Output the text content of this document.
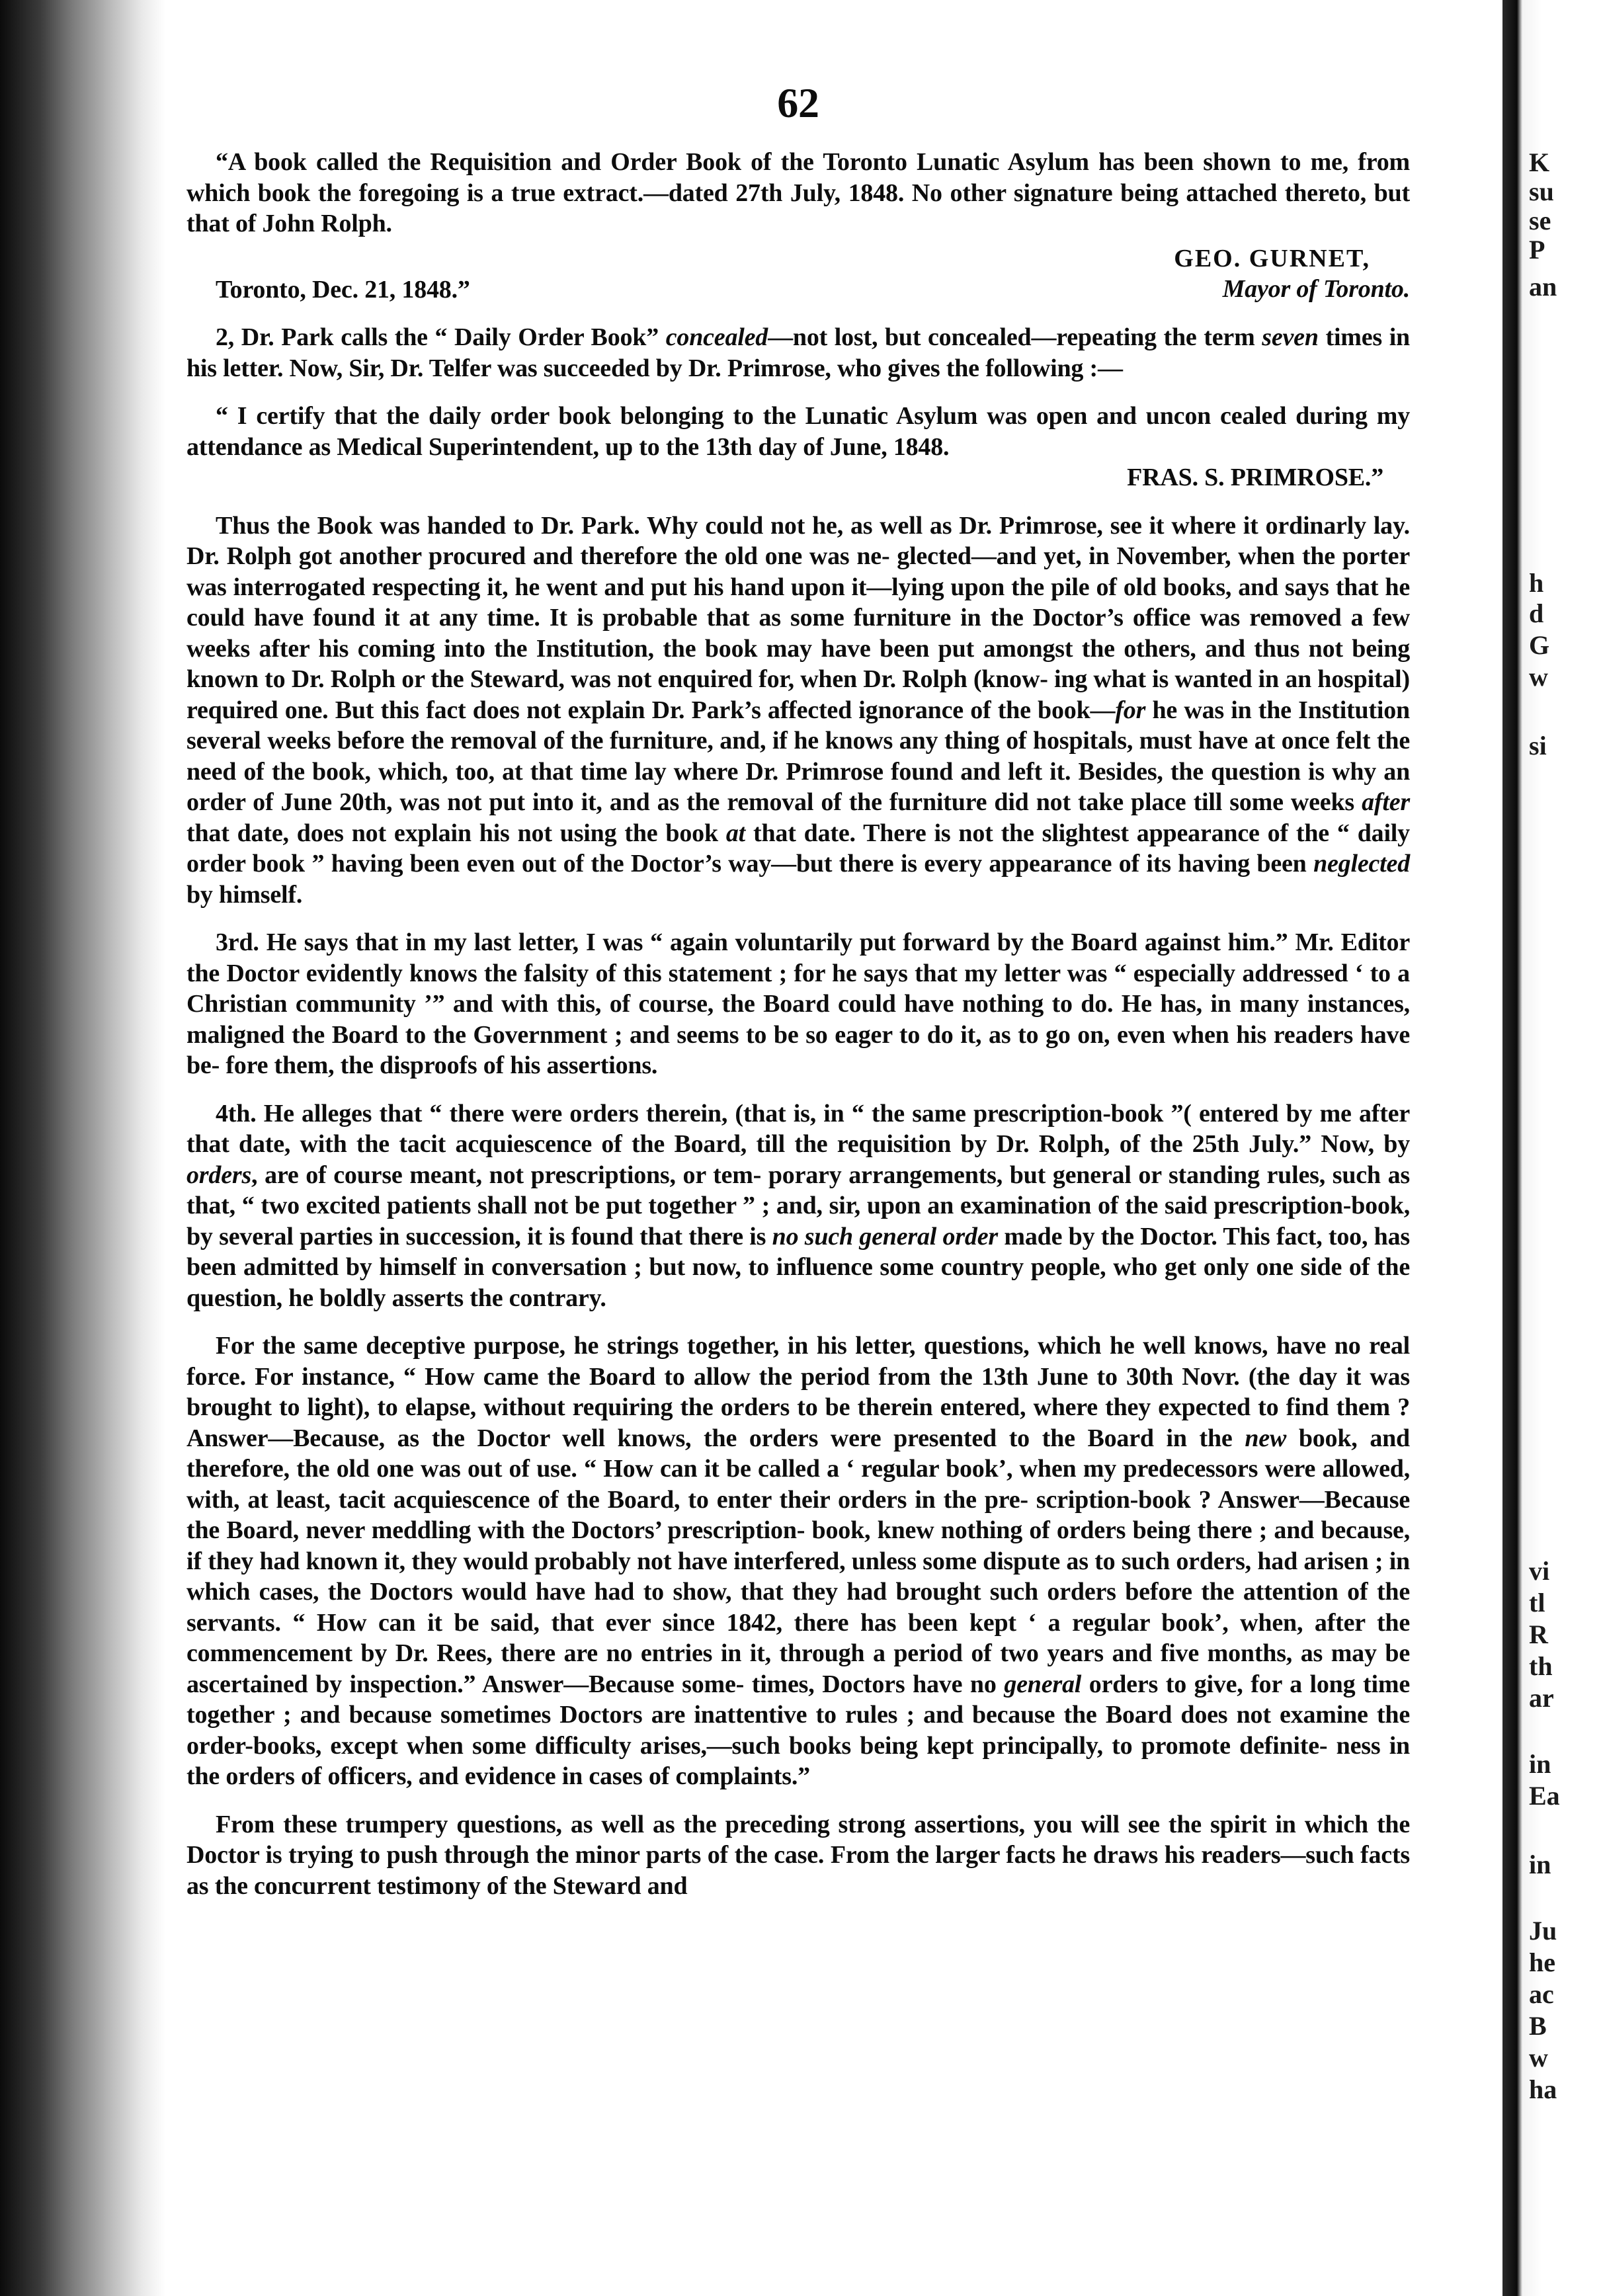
K
su
se
P
an
h
d
G
w
si
vi
tl
R
th
ar
in
Ea
in
Ju
he
ac
B
w
ha
62

“A book called the Requisition and Order Book of the Toronto Lunatic Asylum has been shown to me, from which book the foregoing is a true extract.—dated 27th July, 1848. No other signature being attached thereto, but that of John Rolph.

GEO. GURNET,

Mayor of Toronto.

Toronto, Dec. 21, 1848.”

2, Dr. Park calls the “ Daily Order Book” concealed—not lost, but concealed—repeating the term seven times in his letter. Now, Sir, Dr. Telfer was succeeded by Dr. Primrose, who gives the following :—

“ I certify that the daily order book belonging to the Lunatic Asylum was open and uncon cealed during my attendance as Medical Superintendent, up to the 13th day of June, 1848.

FRAS. S. PRIMROSE.”

Thus the Book was handed to Dr. Park. Why could not he, as well as Dr. Primrose, see it where it ordinarly lay. Dr. Rolph got another procured and therefore the old one was ne- glected—and yet, in November, when the porter was interrogated respecting it, he went and put his hand upon it—lying upon the pile of old books, and says that he could have found it at any time. It is probable that as some furniture in the Doctor’s office was removed a few weeks after his coming into the Institution, the book may have been put amongst the others, and thus not being known to Dr. Rolph or the Steward, was not enquired for, when Dr. Rolph (know- ing what is wanted in an hospital) required one. But this fact does not explain Dr. Park’s affected ignorance of the book—for he was in the Institution several weeks before the removal of the furniture, and, if he knows any thing of hospitals, must have at once felt the need of the book, which, too, at that time lay where Dr. Primrose found and left it. Besides, the question is why an order of June 20th, was not put into it, and as the removal of the furniture did not take place till some weeks after that date, does not explain his not using the book at that date. There is not the slightest appearance of the “ daily order book ” having been even out of the Doctor’s way—but there is every appearance of its having been neglected by himself.

3rd. He says that in my last letter, I was “ again voluntarily put forward by the Board against him.” Mr. Editor the Doctor evidently knows the falsity of this statement ; for he says that my letter was “ especially addressed ‘ to a Christian community ’” and with this, of course, the Board could have nothing to do. He has, in many instances, maligned the Board to the Government ; and seems to be so eager to do it, as to go on, even when his readers have be- fore them, the disproofs of his assertions.

4th. He alleges that “ there were orders therein, (that is, in “ the same prescription-book ”( entered by me after that date, with the tacit acquiescence of the Board, till the requisition by Dr. Rolph, of the 25th July.” Now, by orders, are of course meant, not prescriptions, or tem- porary arrangements, but general or standing rules, such as that, “ two excited patients shall not be put together ” ; and, sir, upon an examination of the said prescription-book, by several parties in succession, it is found that there is no such general order made by the Doctor. This fact, too, has been admitted by himself in conversation ; but now, to influence some country people, who get only one side of the question, he boldly asserts the contrary.

For the same deceptive purpose, he strings together, in his letter, questions, which he well knows, have no real force. For instance, “ How came the Board to allow the period from the 13th June to 30th Novr. (the day it was brought to light), to elapse, without requiring the orders to be therein entered, where they expected to find them ? Answer—Because, as the Doctor well knows, the orders were presented to the Board in the new book, and therefore, the old one was out of use. “ How can it be called a ‘ regular book’, when my predecessors were allowed, with, at least, tacit acquiescence of the Board, to enter their orders in the pre- scription-book ? Answer—Because the Board, never meddling with the Doctors’ prescription- book, knew nothing of orders being there ; and because, if they had known it, they would probably not have interfered, unless some dispute as to such orders, had arisen ; in which cases, the Doctors would have had to show, that they had brought such orders before the attention of the servants. “ How can it be said, that ever since 1842, there has been kept ‘ a regular book’, when, after the commencement by Dr. Rees, there are no entries in it, through a period of two years and five months, as may be ascertained by inspection.” Answer—Because some- times, Doctors have no general orders to give, for a long time together ; and because sometimes Doctors are inattentive to rules ; and because the Board does not examine the order-books, except when some difficulty arises,—such books being kept principally, to promote definite- ness in the orders of officers, and evidence in cases of complaints.”

From these trumpery questions, as well as the preceding strong assertions, you will see the spirit in which the Doctor is trying to push through the minor parts of the case. From the larger facts he draws his readers—such facts as the concurrent testimony of the Steward and
